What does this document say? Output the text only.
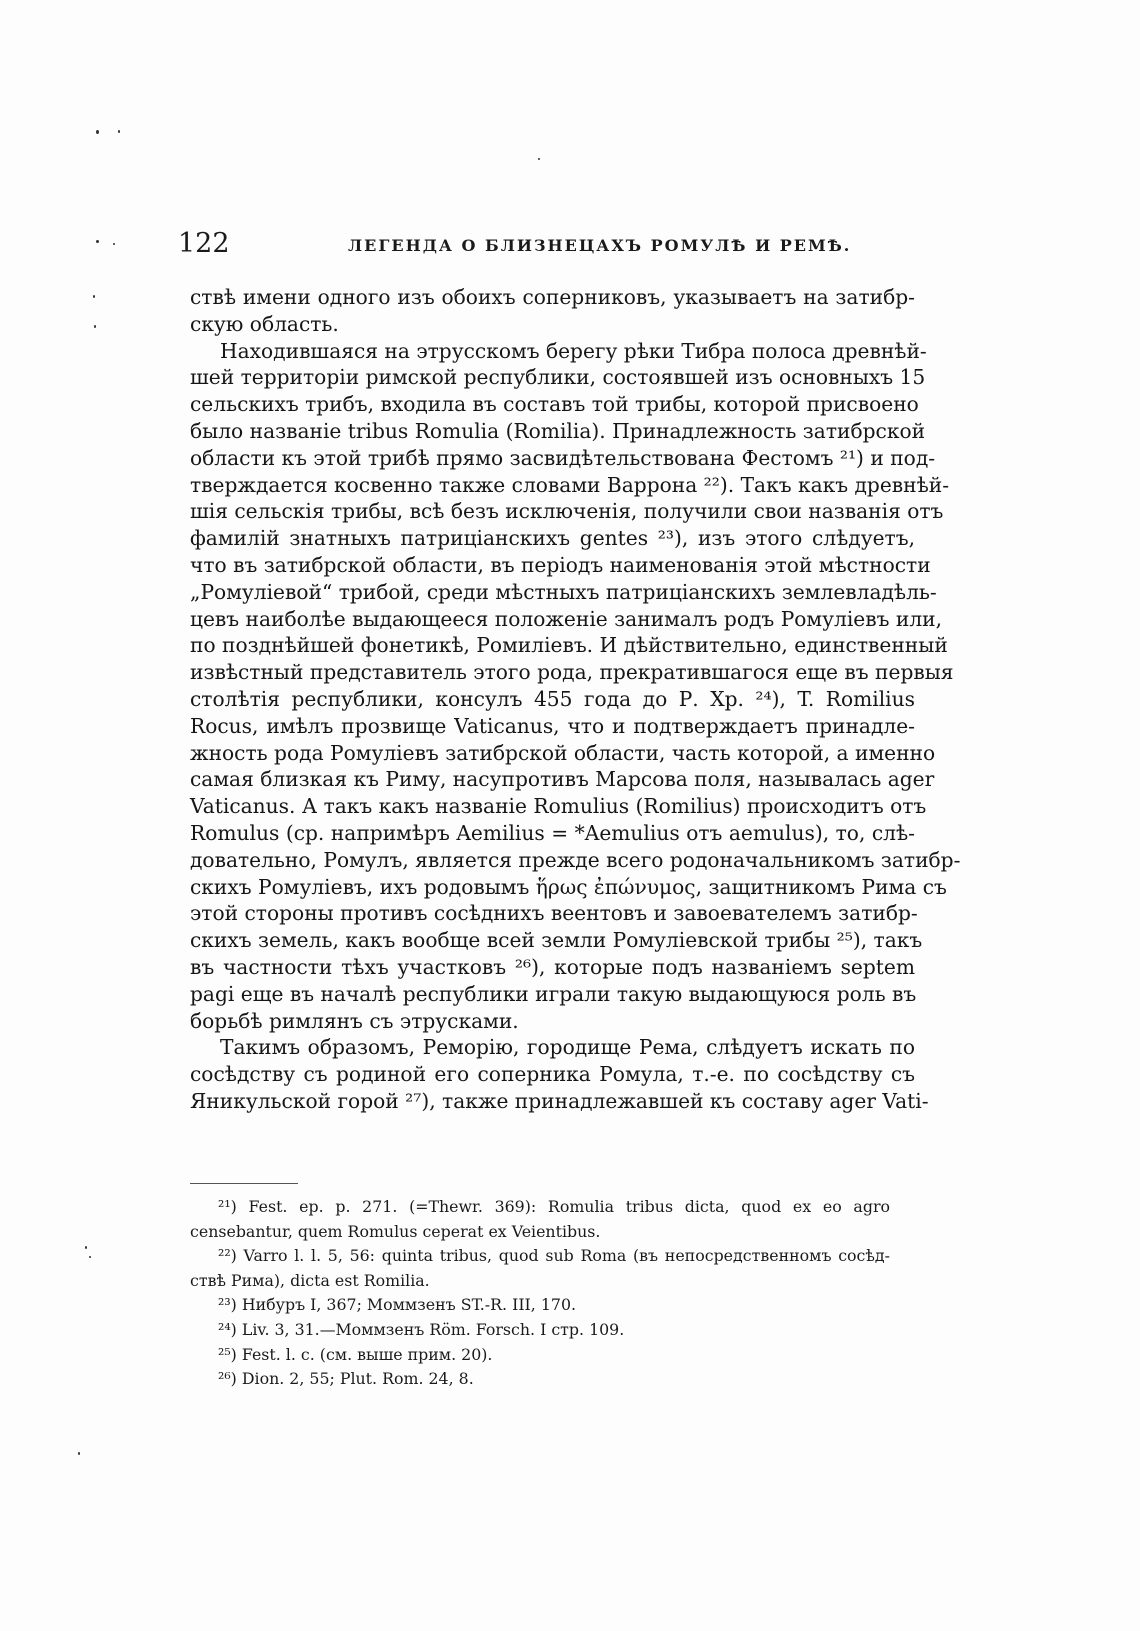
122	ЛЕГЕНДА О БЛИЗНЕЦАХЪ РОМУЛѢ И РЕМѢ.
ствѣ имени одного изъ обоихъ соперниковъ, указываетъ на затибр-
скую область.
Находившаяся на этрусскомъ берегу рѣки Тибра полоса древнѣй-
шей территоріи римской республики, состоявшей изъ основныхъ 15
сельскихъ трибъ, входила въ составъ той трибы, которой присвоено
было названіе tribus Romulia (Romilia). Принадлежность затибрской
области къ этой трибѣ прямо засвидѣтельствована Фестомъ ²¹) и под-
тверждается косвенно также словами Варрона ²²). Такъ какъ древнѣй-
шія сельскія трибы, всѣ безъ исключенія, получили свои названія отъ
фамилій знатныхъ патриціанскихъ gentes ²³), изъ этого слѣдуетъ,
что въ затибрской области, въ періодъ наименованія этой мѣстности
„Ромуліевой“ трибой, среди мѣстныхъ патриціанскихъ землевладѣль-
цевъ наиболѣе выдающееся положеніе занималъ родъ Ромуліевъ или,
по позднѣйшей фонетикѣ, Ромиліевъ. И дѣйствительно, единственный
извѣстный представитель этого рода, прекратившагося еще въ первыя
столѣтія республики, консулъ 455 года до Р. Хр. ²⁴), T. Romilius
Rocus, имѣлъ прозвище Vaticanus, что и подтверждаетъ принадле-
жность рода Ромуліевъ затибрской области, часть которой, а именно
самая близкая къ Риму, насупротивъ Марсова поля, называлась ager
Vaticanus. А такъ какъ названіе Romulius (Romilius) происходитъ отъ
Romulus (ср. напримѣръ Aemilius = *Aemulius отъ aemulus), то, слѣ-
довательно, Ромулъ, является прежде всего родоначальникомъ затибр-
скихъ Ромуліевъ, ихъ родовымъ ἥρως ἐπώνυμος, защитникомъ Рима съ
этой стороны противъ сосѣднихъ веентовъ и завоевателемъ затибр-
скихъ земель, какъ вообще всей земли Ромуліевской трибы ²⁵), такъ
въ частности тѣхъ участковъ ²⁶), которые подъ названіемъ septem
pagi еще въ началѣ республики играли такую выдающуюся роль въ
борьбѣ римлянъ съ этрусками.
Такимъ образомъ, Реморію, городище Рема, слѣдуетъ искать по
сосѣдству съ родиной его соперника Ромула, т.-е. по сосѣдству съ
Яникульской горой ²⁷), также принадлежавшей къ составу ager Vati-
²¹) Fest. ep. p. 271. (=Thewr. 369): Romulia tribus dicta, quod ex eo agro
censebantur, quem Romulus ceperat ex Veientibus.
²²) Varro l. l. 5, 56: quinta tribus, quod sub Roma (въ непосредственномъ сосѣд-
ствѣ Рима), dicta est Romilia.
²³) Нибуръ I, 367; Моммзенъ ST.-R. III, 170.
²⁴) Liv. 3, 31.—Моммзенъ Röm. Forsch. I стр. 109.
²⁵) Fest. l. c. (см. выше прим. 20).
²⁶) Dion. 2, 55; Plut. Rom. 24, 8.
